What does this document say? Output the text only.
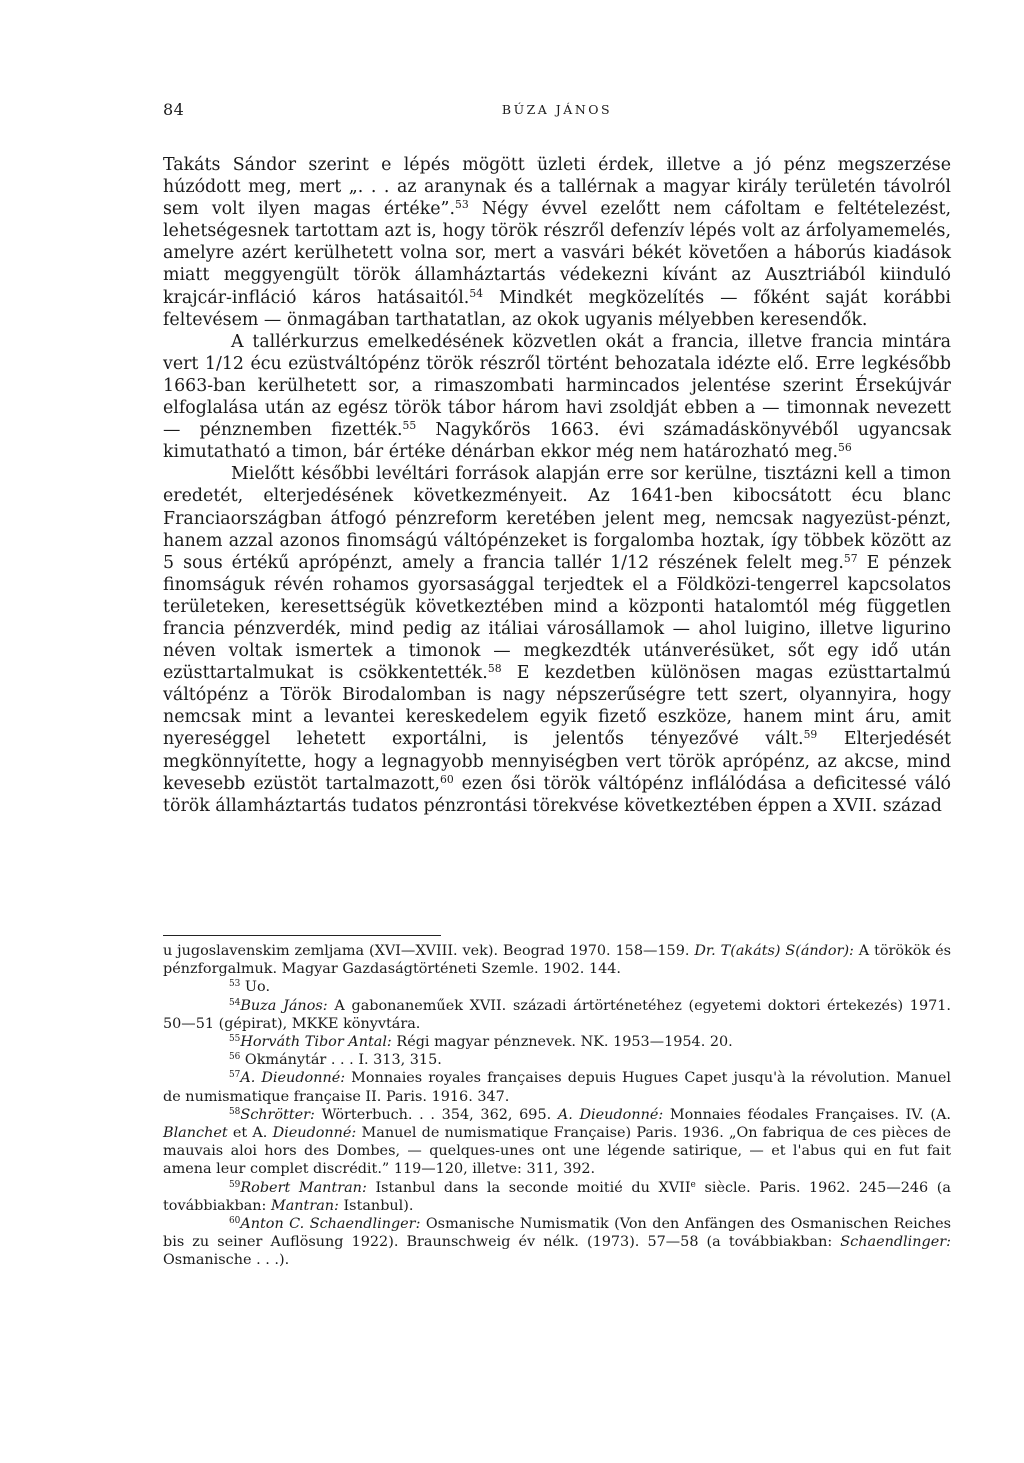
84	BÚZA JÁNOS

Takáts Sándor szerint e lépés mögött üzleti érdek, illetve a jó pénz megszerzése húzódott meg, mert „. . . az aranynak és a tallérnak a magyar király területén távolról sem volt ilyen magas értéke”.$^{53}$ Négy évvel ezelőtt nem cáfoltam e feltételezést, lehetségesnek tartottam azt is, hogy török részről defenzív lépés volt az árfolyamemelés, amelyre azért kerülhetett volna sor, mert a vasvári békét követően a háborús kiadások miatt meggyengült török államháztartás védekezni kívánt az Ausztriából kiinduló krajcár-infláció káros hatásaitól.$^{54}$ Mindkét megközelítés — főként saját korábbi feltevésem — önmagában tarthatatlan, az okok ugyanis mélyebben keresendők.

A tallérkurzus emelkedésének közvetlen okát a francia, illetve francia mintára vert 1/12 écu ezüstváltópénz török részről történt behozatala idézte elő. Erre legkésőbb 1663-ban kerülhetett sor, a rimaszombati harmincados jelentése szerint Érsekújvár elfoglalása után az egész török tábor három havi zsoldját ebben a — timonnak nevezett — pénznemben fizették.$^{55}$ Nagykőrös 1663. évi számadáskönyvéből ugyancsak kimutatható a timon, bár értéke dénárban ekkor még nem határozható meg.$^{56}$

Mielőtt későbbi levéltári források alapján erre sor kerülne, tisztázni kell a timon eredetét, elterjedésének következményeit. Az 1641-ben kibocsátott écu blanc Franciaországban átfogó pénzreform keretében jelent meg, nemcsak nagyezüst-pénzt, hanem azzal azonos finomságú váltópénzeket is forgalomba hoztak, így többek között az 5 sous értékű aprópénzt, amely a francia tallér 1/12 részének felelt meg.$^{57}$ E pénzek finomságuk révén rohamos gyorsasággal terjedtek el a Földközi-tengerrel kapcsolatos területeken, keresettségük következtében mind a központi hatalomtól még független francia pénzverdék, mind pedig az itáliai városállamok — ahol luigino, illetve ligurino néven voltak ismertek a timonok — megkezdték utánverésüket, sőt egy idő után ezüsttartalmukat is csökkentették.$^{58}$ E kezdetben különösen magas ezüsttartalmú váltópénz a Török Birodalomban is nagy népszerűségre tett szert, olyannyira, hogy nemcsak mint a levantei kereskedelem egyik fizető eszköze, hanem mint áru, amit nyereséggel lehetett exportálni, is jelentős tényezővé vált.$^{59}$ Elterjedését megkönnyítette, hogy a legnagyobb mennyiségben vert török aprópénz, az akcse, mind kevesebb ezüstöt tartalmazott,$^{60}$ ezen ősi török váltópénz inflálódása a deficitessé váló török államháztartás tudatos pénzrontási törekvése következtében éppen a XVII. század

u jugoslavenskim zemljama (XVI—XVIII. vek). Beograd 1970. 158—159. Dr. T(akáts) S(ándor): A törökök és pénzforgalmuk. Magyar Gazdaságtörténeti Szemle. 1902. 144.

$^{53}$ Uo.

$^{54}$Buza János: A gabonaneműek XVII. századi ártörténetéhez (egyetemi doktori értekezés) 1971. 50—51 (gépirat), MKKE könyvtára.

$^{55}$Horváth Tibor Antal: Régi magyar pénznevek. NK. 1953—1954. 20.

$^{56}$ Okmánytár . . . I. 313, 315.

$^{57}$A. Dieudonné: Monnaies royales françaises depuis Hugues Capet jusqu'à la révolution. Manuel de numismatique française II. Paris. 1916. 347.

$^{58}$Schrötter: Wörterbuch. . . 354, 362, 695. A. Dieudonné: Monnaies féodales Françaises. IV. (A. Blanchet et A. Dieudonné: Manuel de numismatique Française) Paris. 1936. „On fabriqua de ces pièces de mauvais aloi hors des Dombes, — quelques-unes ont une légende satirique, — et l'abus qui en fut fait amena leur complet discrédit.” 119—120, illetve: 311, 392.

$^{59}$Robert Mantran: Istanbul dans la seconde moitié du XVIIe siècle. Paris. 1962. 245—246 (a továbbiakban: Mantran: Istanbul).

$^{60}$Anton C. Schaendlinger: Osmanische Numismatik (Von den Anfängen des Osmanischen Reiches bis zu seiner Auflösung 1922). Braunschweig év nélk. (1973). 57—58 (a továbbiakban: Schaendlinger: Osmanische . . .).
